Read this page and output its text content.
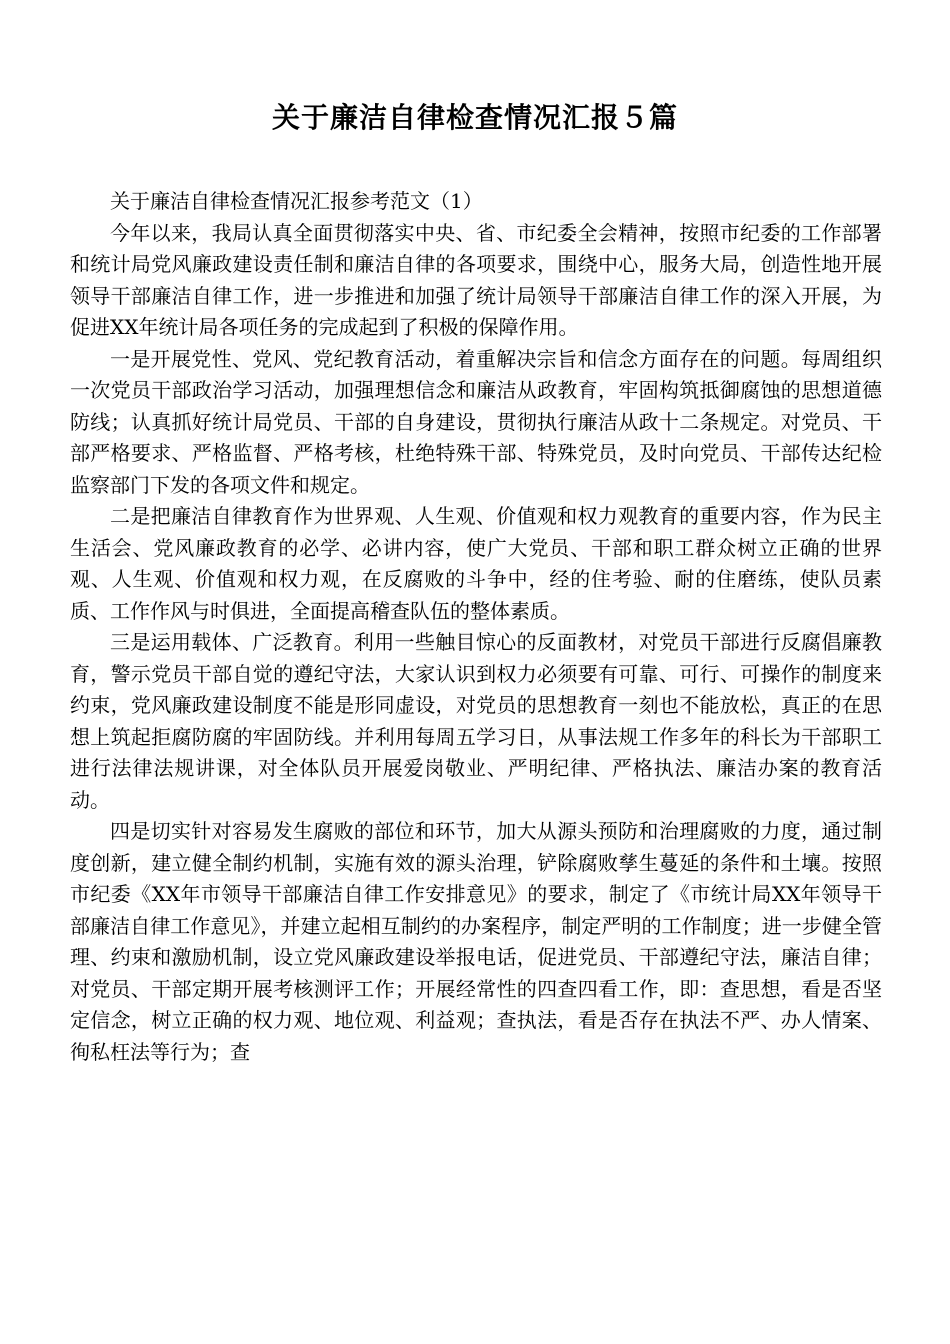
关于廉洁自律检查情况汇报５篇

关于廉洁自律检查情况汇报参考范文（1）

今年以来，我局认真全面贯彻落实中央、省、市纪委全会精神，按照市纪委的工作部署和统计局党风廉政建设责任制和廉洁自律的各项要求，围绕中心，服务大局，创造性地开展领导干部廉洁自律工作，进一步推进和加强了统计局领导干部廉洁自律工作的深入开展，为促进XX年统计局各项任务的完成起到了积极的保障作用。

一是开展党性、党风、党纪教育活动，着重解决宗旨和信念方面存在的问题。每周组织一次党员干部政治学习活动，加强理想信念和廉洁从政教育，牢固构筑抵御腐蚀的思想道德防线；认真抓好统计局党员、干部的自身建设，贯彻执行廉洁从政十二条规定。对党员、干部严格要求、严格监督、严格考核，杜绝特殊干部、特殊党员，及时向党员、干部传达纪检监察部门下发的各项文件和规定。

二是把廉洁自律教育作为世界观、人生观、价值观和权力观教育的重要内容，作为民主生活会、党风廉政教育的必学、必讲内容，使广大党员、干部和职工群众树立正确的世界观、人生观、价值观和权力观，在反腐败的斗争中，经的住考验、耐的住磨练，使队员素质、工作作风与时俱进，全面提高稽查队伍的整体素质。

三是运用载体、广泛教育。利用一些触目惊心的反面教材，对党员干部进行反腐倡廉教育，警示党员干部自觉的遵纪守法，大家认识到权力必须要有可靠、可行、可操作的制度来约束，党风廉政建设制度不能是形同虚设，对党员的思想教育一刻也不能放松，真正的在思想上筑起拒腐防腐的牢固防线。并利用每周五学习日，从事法规工作多年的科长为干部职工进行法律法规讲课，对全体队员开展爱岗敬业、严明纪律、严格执法、廉洁办案的教育活动。

四是切实针对容易发生腐败的部位和环节，加大从源头预防和治理腐败的力度，通过制度创新，建立健全制约机制，实施有效的源头治理，铲除腐败孳生蔓延的条件和土壤。按照市纪委《XX年市领导干部廉洁自律工作安排意见》的要求，制定了《市统计局XX年领导干部廉洁自律工作意见》，并建立起相互制约的办案程序，制定严明的工作制度；进一步健全管理、约束和激励机制，设立党风廉政建设举报电话，促进党员、干部遵纪守法，廉洁自律；对党员、干部定期开展考核测评工作；开展经常性的四查四看工作，即：查思想，看是否坚定信念，树立正确的权力观、地位观、利益观；查执法，看是否存在执法不严、办人情案、徇私枉法等行为；查
